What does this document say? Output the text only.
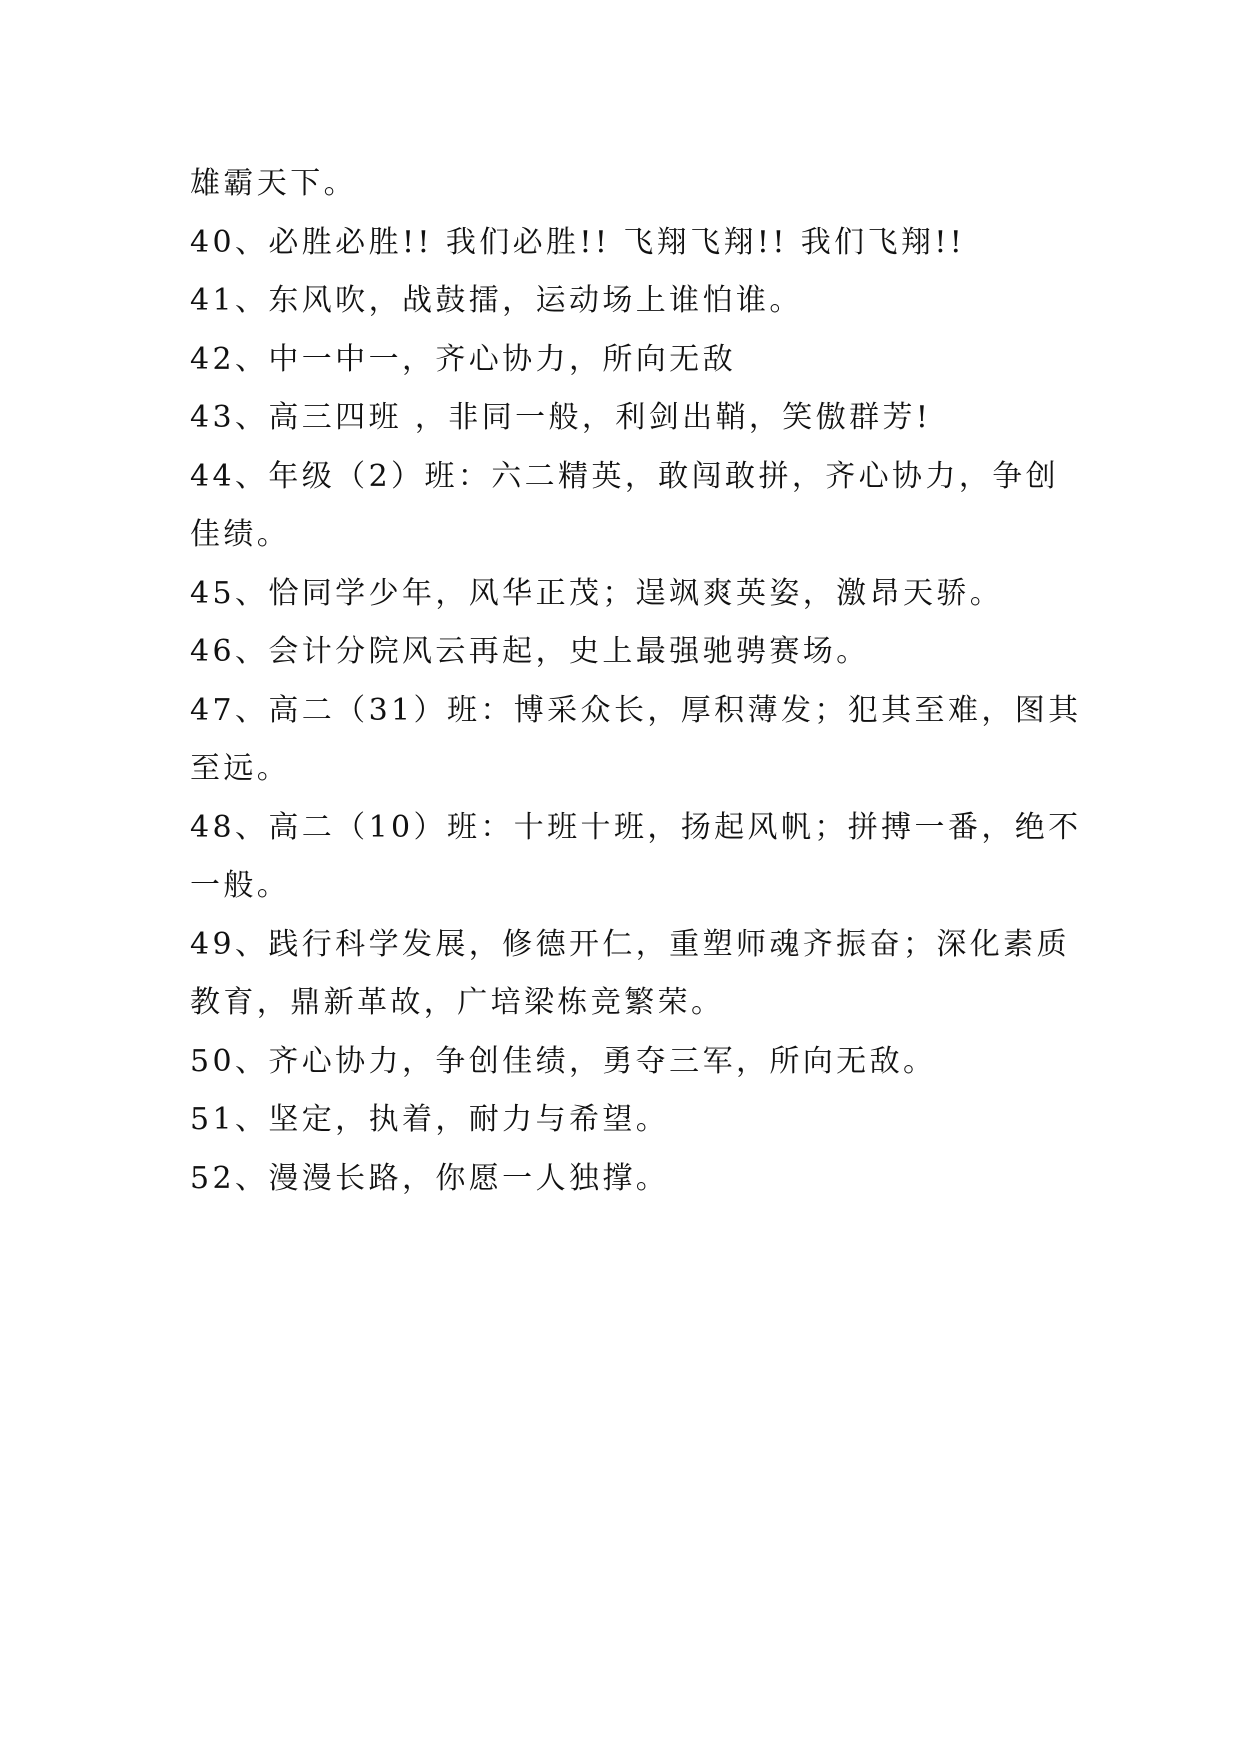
雄霸天下。
40、必胜必胜!! 我们必胜!! 飞翔飞翔!! 我们飞翔!!
41、东风吹，战鼓擂，运动场上谁怕谁。
42、中一中一，齐心协力，所向无敌
43、高三四班 ，非同一般，利剑出鞘，笑傲群芳!
44、年级（2）班：六二精英，敢闯敢拼，齐心协力，争创
佳绩。
45、恰同学少年，风华正茂；逞飒爽英姿，激昂天骄。
46、会计分院风云再起，史上最强驰骋赛场。
47、高二（31）班：博采众长，厚积薄发；犯其至难，图其
至远。
48、高二（10）班：十班十班，扬起风帆；拼搏一番，绝不
一般。
49、践行科学发展，修德开仁，重塑师魂齐振奋；深化素质
教育，鼎新革故，广培梁栋竞繁荣。
50、齐心协力，争创佳绩，勇夺三军，所向无敌。
51、坚定，执着，耐力与希望。
52、漫漫长路，你愿一人独撑。
